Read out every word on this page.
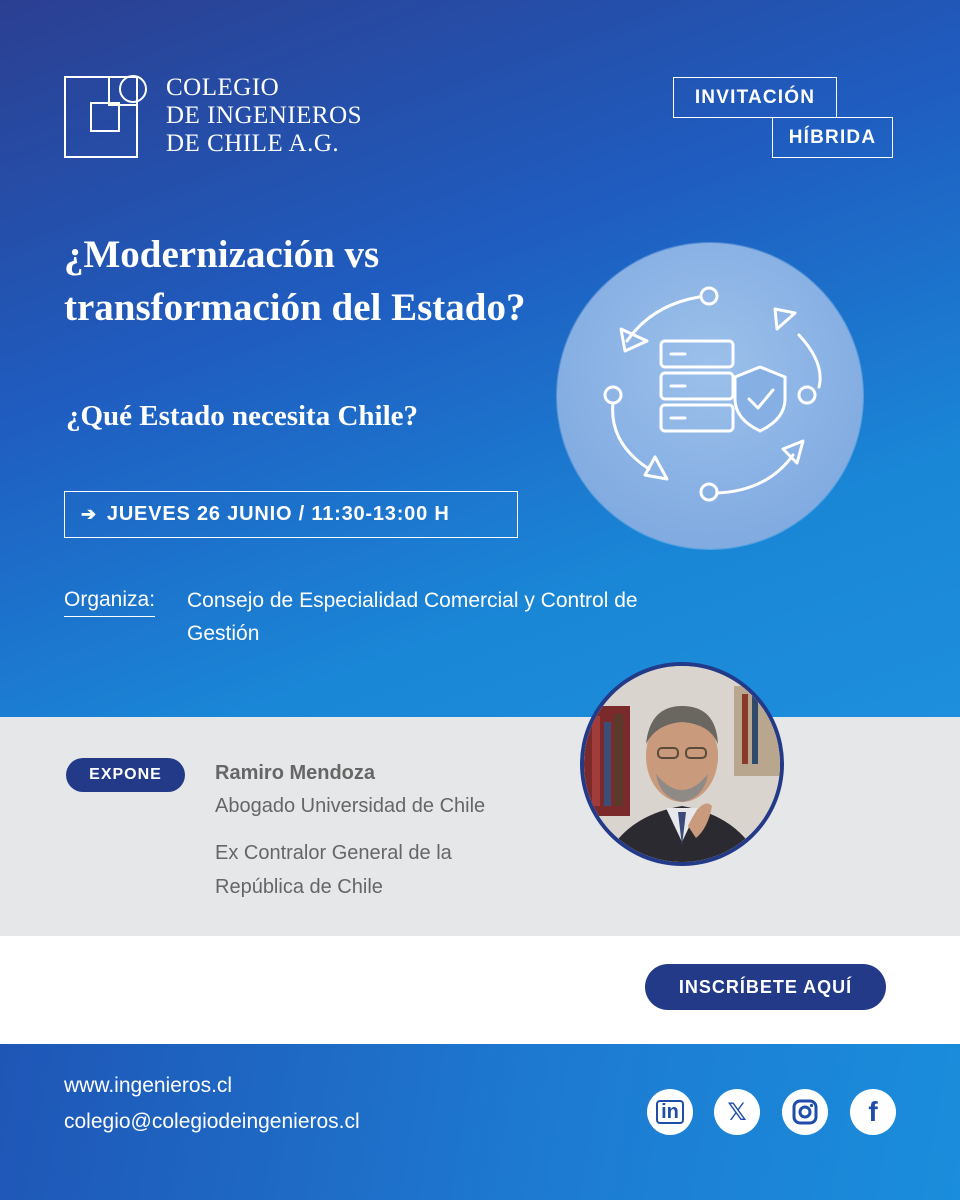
COLEGIO
DE INGENIEROS
DE CHILE A.G.
INVITACIÓN
HÍBRIDA
¿Modernización vs transformación del Estado?
¿Qué Estado necesita Chile?
➔ JUEVES 26 JUNIO / 11:30-13:00 H
Organiza: Consejo de Especialidad Comercial y Control de Gestión
EXPONE	Ramiro Mendoza
Abogado Universidad de Chile
Ex Contralor General de la República de Chile
INSCRÍBETE AQUÍ
www.ingenieros.cl
colegio@colegiodeingenieros.cl	in 𝕏	f
